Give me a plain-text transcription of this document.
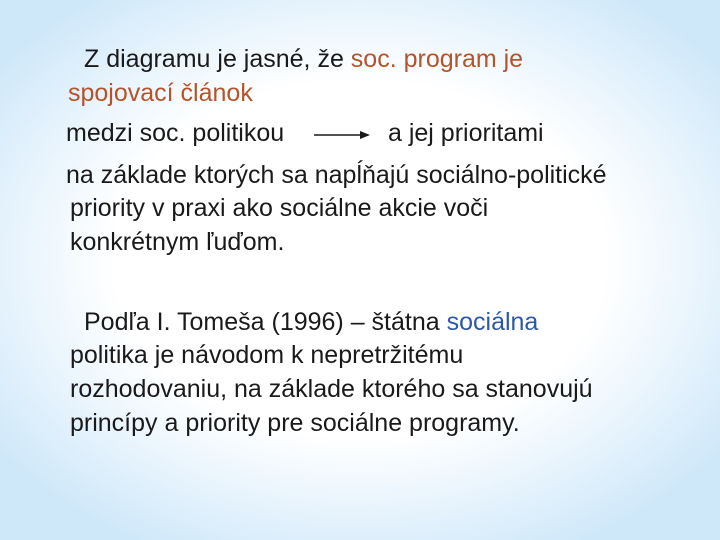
Z diagramu je jasné, že soc. program je
spojovací článok
medzi soc. politikou	a jej prioritami
na základe ktorých sa napĺňajú sociálno-politické
priority v praxi ako sociálne akcie voči
konkrétnym ľuďom.
Podľa I. Tomeša (1996) – štátna sociálna
politika je návodom k nepretržitému
rozhodovaniu, na základe ktorého sa stanovujú
princípy a priority pre sociálne programy.
